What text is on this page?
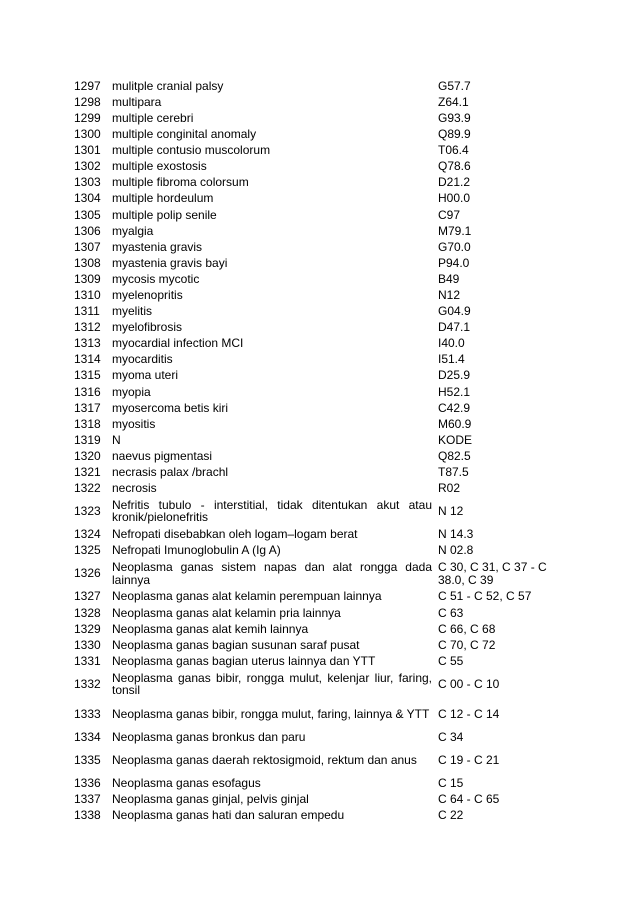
1297	mulitple cranial palsy	G57.7
1298	multipara	Z64.1
1299	multiple cerebri	G93.9
1300	multiple conginital anomaly	Q89.9
1301	multiple contusio muscolorum	T06.4
1302	multiple exostosis	Q78.6
1303	multiple fibroma colorsum	D21.2
1304	multiple hordeulum	H00.0
1305	multiple polip senile	C97
1306	myalgia	M79.1
1307	myastenia gravis	G70.0
1308	myastenia gravis bayi	P94.0
1309	mycosis mycotic	B49
1310	myelenopritis	N12
1311	myelitis	G04.9
1312	myelofibrosis	D47.1
1313	myocardial infection MCI	I40.0
1314	myocarditis	I51.4
1315	myoma uteri	D25.9
1316	myopia	H52.1
1317	myosercoma betis kiri	C42.9
1318	myositis	M60.9
1319	N	KODE
1320	naevus pigmentasi	Q82.5
1321	necrasis palax /brachl	T87.5
1322	necrosis	R02
1323	Nefritis tubulo - interstitial, tidak ditentukan akut atau kronik/pielonefritis	N 12
1324	Nefropati disebabkan oleh logam–logam berat	N 14.3
1325	Nefropati Imunoglobulin A (Ig A)	N 02.8
1326	Neoplasma ganas sistem napas dan alat rongga dada lainnya	C 30, C 31, C 37 - C 38.0, C 39
1327	Neoplasma ganas alat kelamin perempuan lainnya	C 51 - C 52, C 57
1328	Neoplasma ganas alat kelamin pria lainnya	C 63
1329	Neoplasma ganas alat kemih lainnya	C 66, C 68
1330	Neoplasma ganas bagian susunan saraf pusat	C 70, C 72
1331	Neoplasma ganas bagian uterus lainnya dan YTT	C 55
1332	Neoplasma ganas bibir, rongga mulut, kelenjar liur, faring, tonsil	C 00 - C 10
1333	Neoplasma ganas bibir, rongga mulut, faring, lainnya & YTT	C 12 - C 14
1334	Neoplasma ganas bronkus dan paru	C 34
1335	Neoplasma ganas daerah rektosigmoid, rektum dan anus	C 19 - C 21
1336	Neoplasma ganas esofagus	C 15
1337	Neoplasma ganas ginjal, pelvis ginjal	C 64 - C 65
1338	Neoplasma ganas hati dan saluran empedu	C 22
